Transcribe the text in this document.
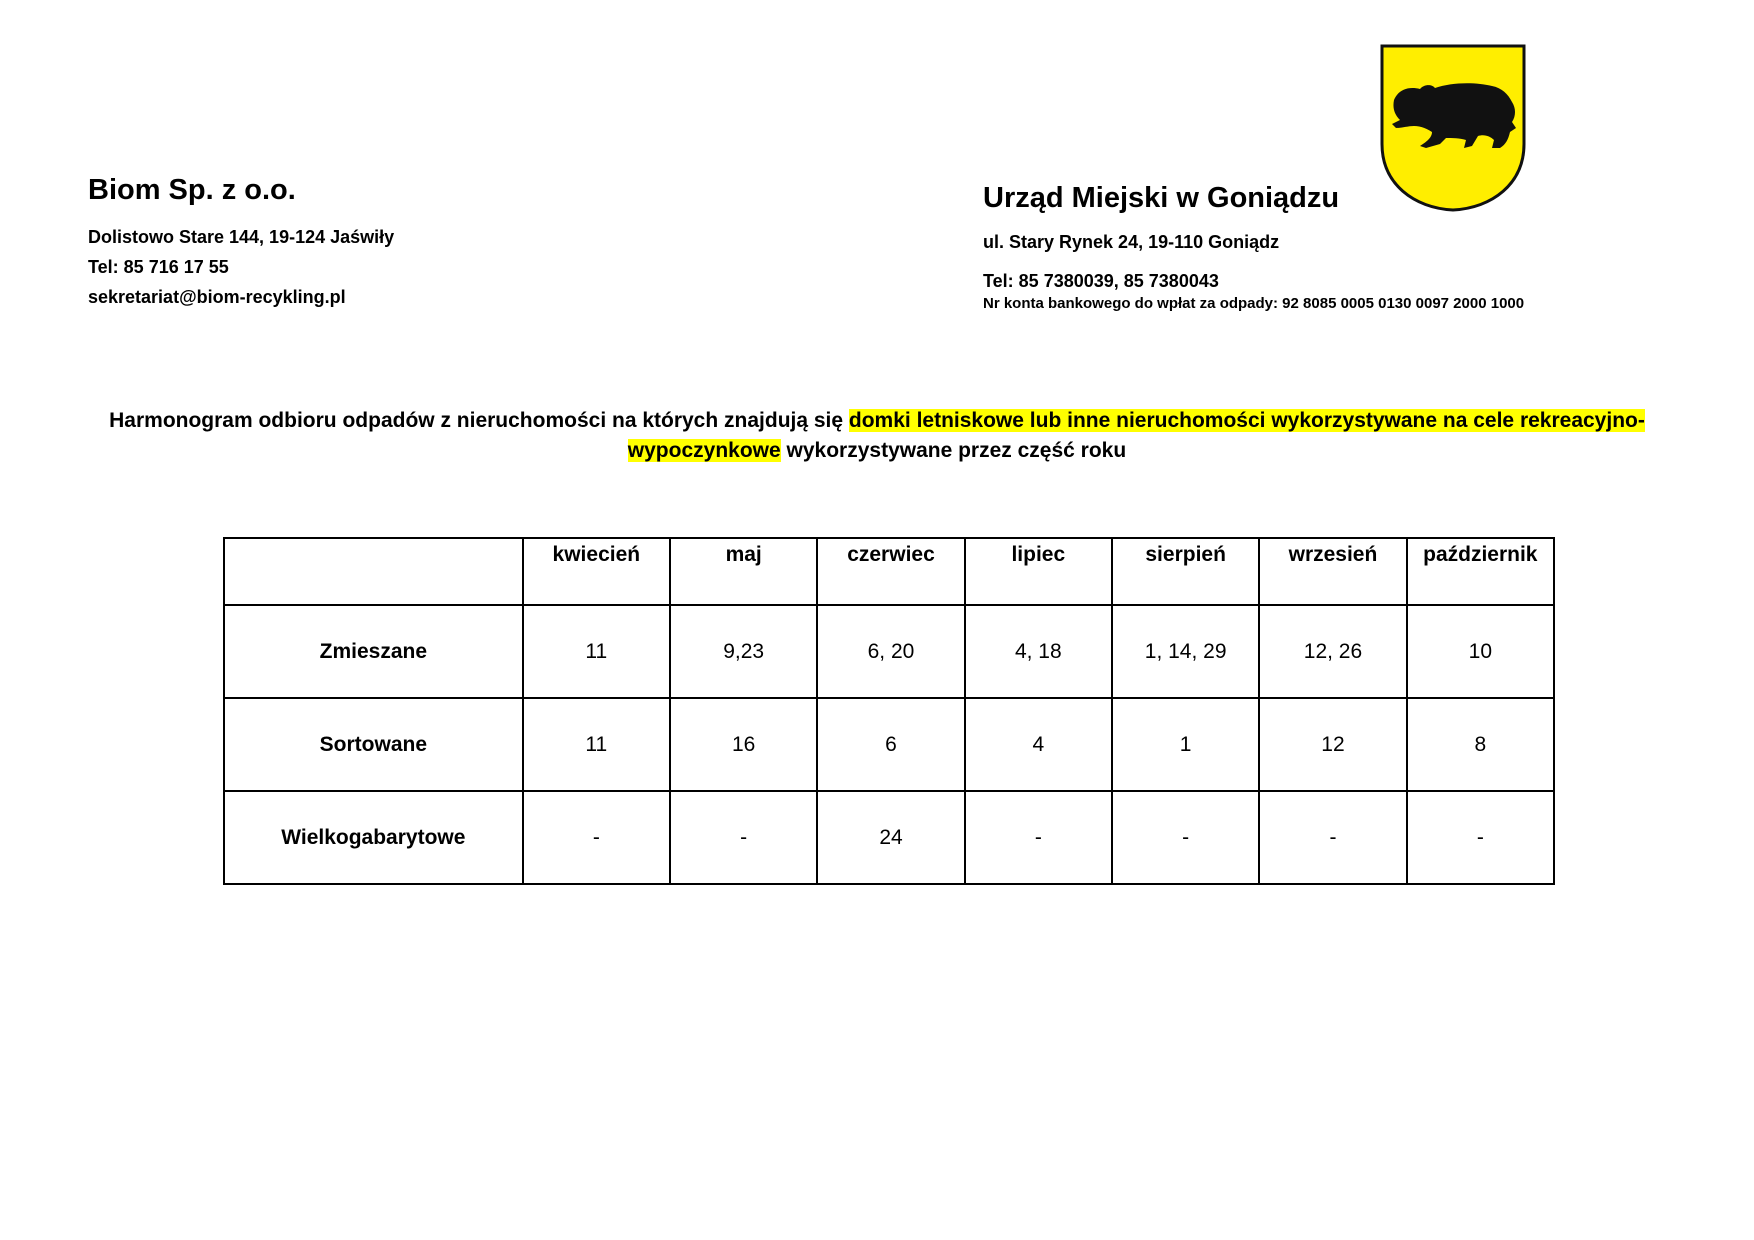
Biom Sp. z o.o.
Dolistowo Stare 144, 19-124 Jaświły
Tel: 85 716 17 55
sekretariat@biom-recykling.pl
Urząd Miejski w Goniądzu
ul. Stary Rynek 24, 19-110 Goniądz
Tel: 85 7380039, 85 7380043
Nr konta bankowego do wpłat za odpady: 92 8085 0005 0130 0097 2000 1000
Harmonogram odbioru odpadów z nieruchomości na których znajdują się domki letniskowe lub inne nieruchomości wykorzystywane na cele rekreacyjno-
wypoczynkowe wykorzystywane przez część roku
	kwiecień	maj	czerwiec	lipiec	sierpień	wrzesień	październik
Zmieszane	11	9,23	6, 20	4, 18	1, 14, 29	12, 26	10
Sortowane	11	16	6	4	1	12	8
Wielkogabarytowe	-	-	24	-	-	-	-
